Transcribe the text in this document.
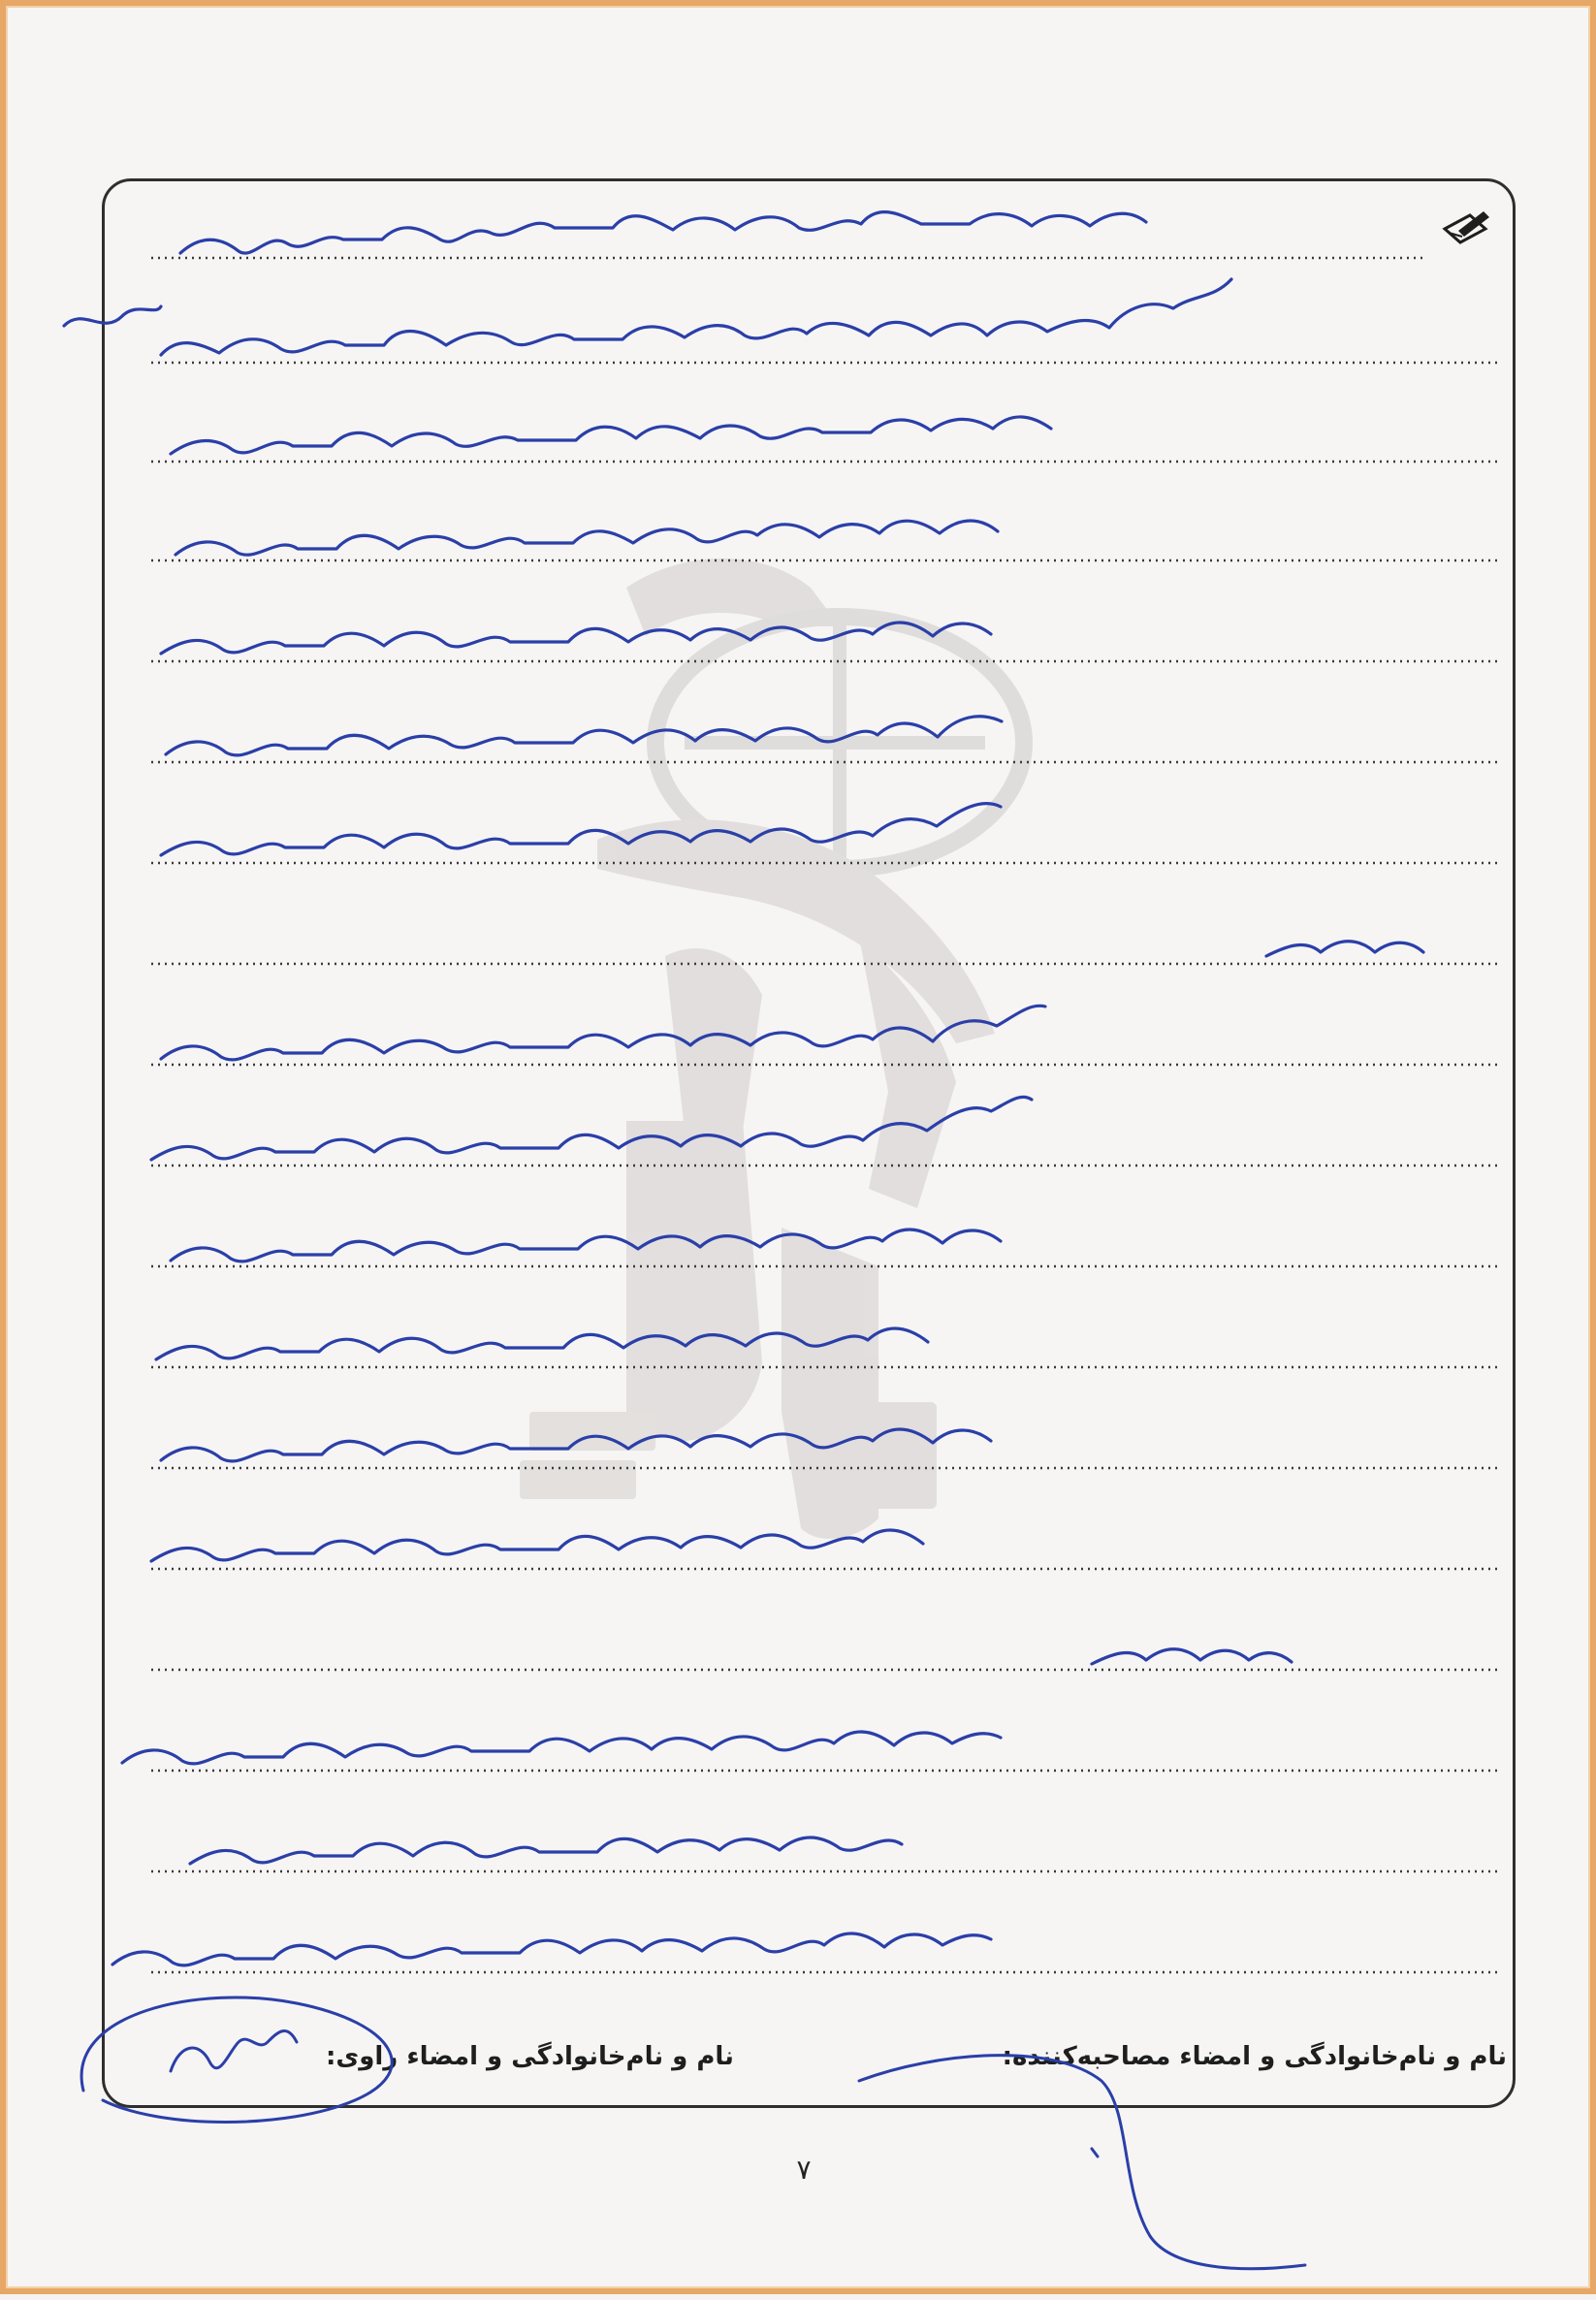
نام و نام‌خانوادگی و امضاء مصاحبه‌کننده:
نام و نام‌خانوادگی و امضاء راوی:
۷
